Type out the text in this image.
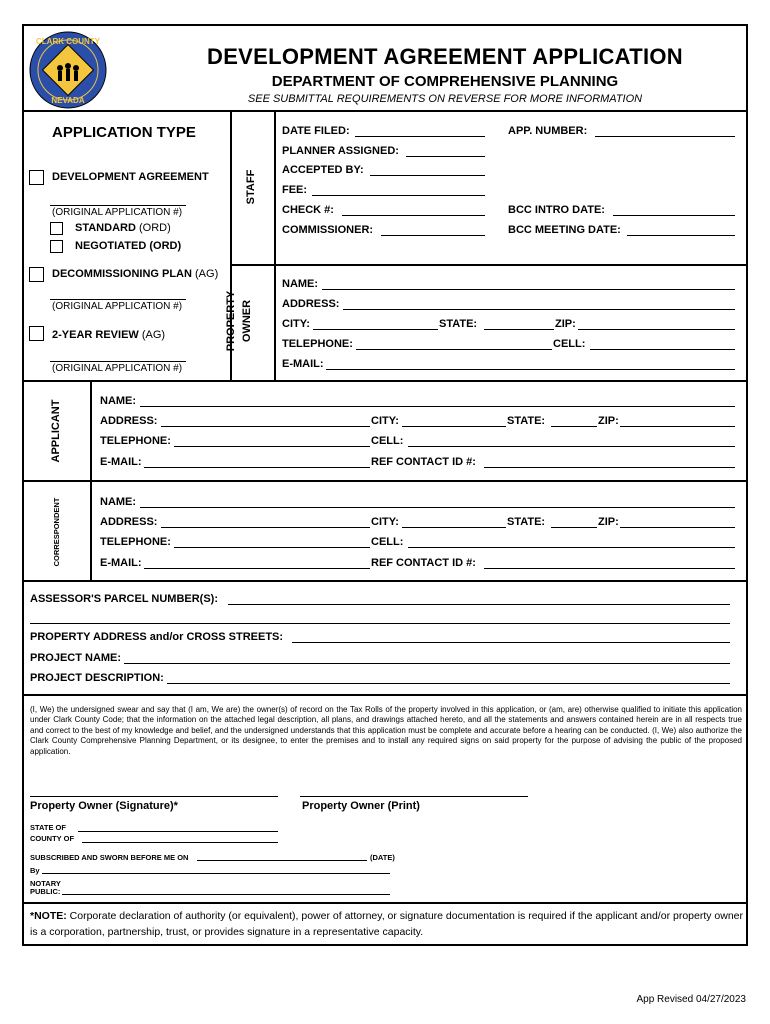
CLARK COUNTY
NEVADA
DEVELOPMENT AGREEMENT APPLICATION
DEPARTMENT OF COMPREHENSIVE PLANNING
SEE SUBMITTAL REQUIREMENTS ON REVERSE FOR MORE INFORMATION
APPLICATION TYPE
DEVELOPMENT AGREEMENT
(ORIGINAL APPLICATION #)
STANDARD (ORD)
NEGOTIATED (ORD)
DECOMMISSIONING PLAN (AG)
(ORIGINAL APPLICATION #)
2-YEAR REVIEW (AG)
(ORIGINAL APPLICATION #)
STAFF
PROPERTY OWNER
APPLICANT
CORRESPONDENT
DATE FILED:	APP. NUMBER:
PLANNER ASSIGNED:
ACCEPTED BY:
FEE:
CHECK #:	BCC INTRO DATE:
COMMISSIONER:	BCC MEETING DATE:
NAME:
ADDRESS:
CITY:	STATE:	ZIP:
TELEPHONE:	CELL:
E-MAIL:
NAME:
ADDRESS:	CITY:	STATE:	ZIP:
TELEPHONE:	CELL:
E-MAIL:	REF CONTACT ID #:
NAME:
ADDRESS:	CITY:	STATE:	ZIP:
TELEPHONE:	CELL:
E-MAIL:	REF CONTACT ID #:
ASSESSOR'S PARCEL NUMBER(S):
PROPERTY ADDRESS and/or CROSS STREETS:
PROJECT NAME:
PROJECT DESCRIPTION:
(I, We) the undersigned swear and say that (I am, We are) the owner(s) of record on the Tax Rolls of the property involved in this application, or (am, are) otherwise qualified to initiate this application under Clark County Code; that the information on the attached legal description, all plans, and drawings attached hereto, and all the statements and answers contained herein are in all respects true and correct to the best of my knowledge and belief, and the undersigned understands that this application must be complete and accurate before a hearing can be conducted. (I, We) also authorize the Clark County Comprehensive Planning Department, or its designee, to enter the premises and to install any required signs on said property for the purpose of advising the public of the proposed application.
Property Owner (Signature)*	Property Owner (Print)
STATE OF
COUNTY OF
SUBSCRIBED AND SWORN BEFORE ME ON	(DATE)
By
NOTARY
PUBLIC:
*NOTE: Corporate declaration of authority (or equivalent), power of attorney, or signature documentation is required if the applicant and/or property owner is a corporation, partnership, trust, or provides signature in a representative capacity.
App Revised 04/27/2023
